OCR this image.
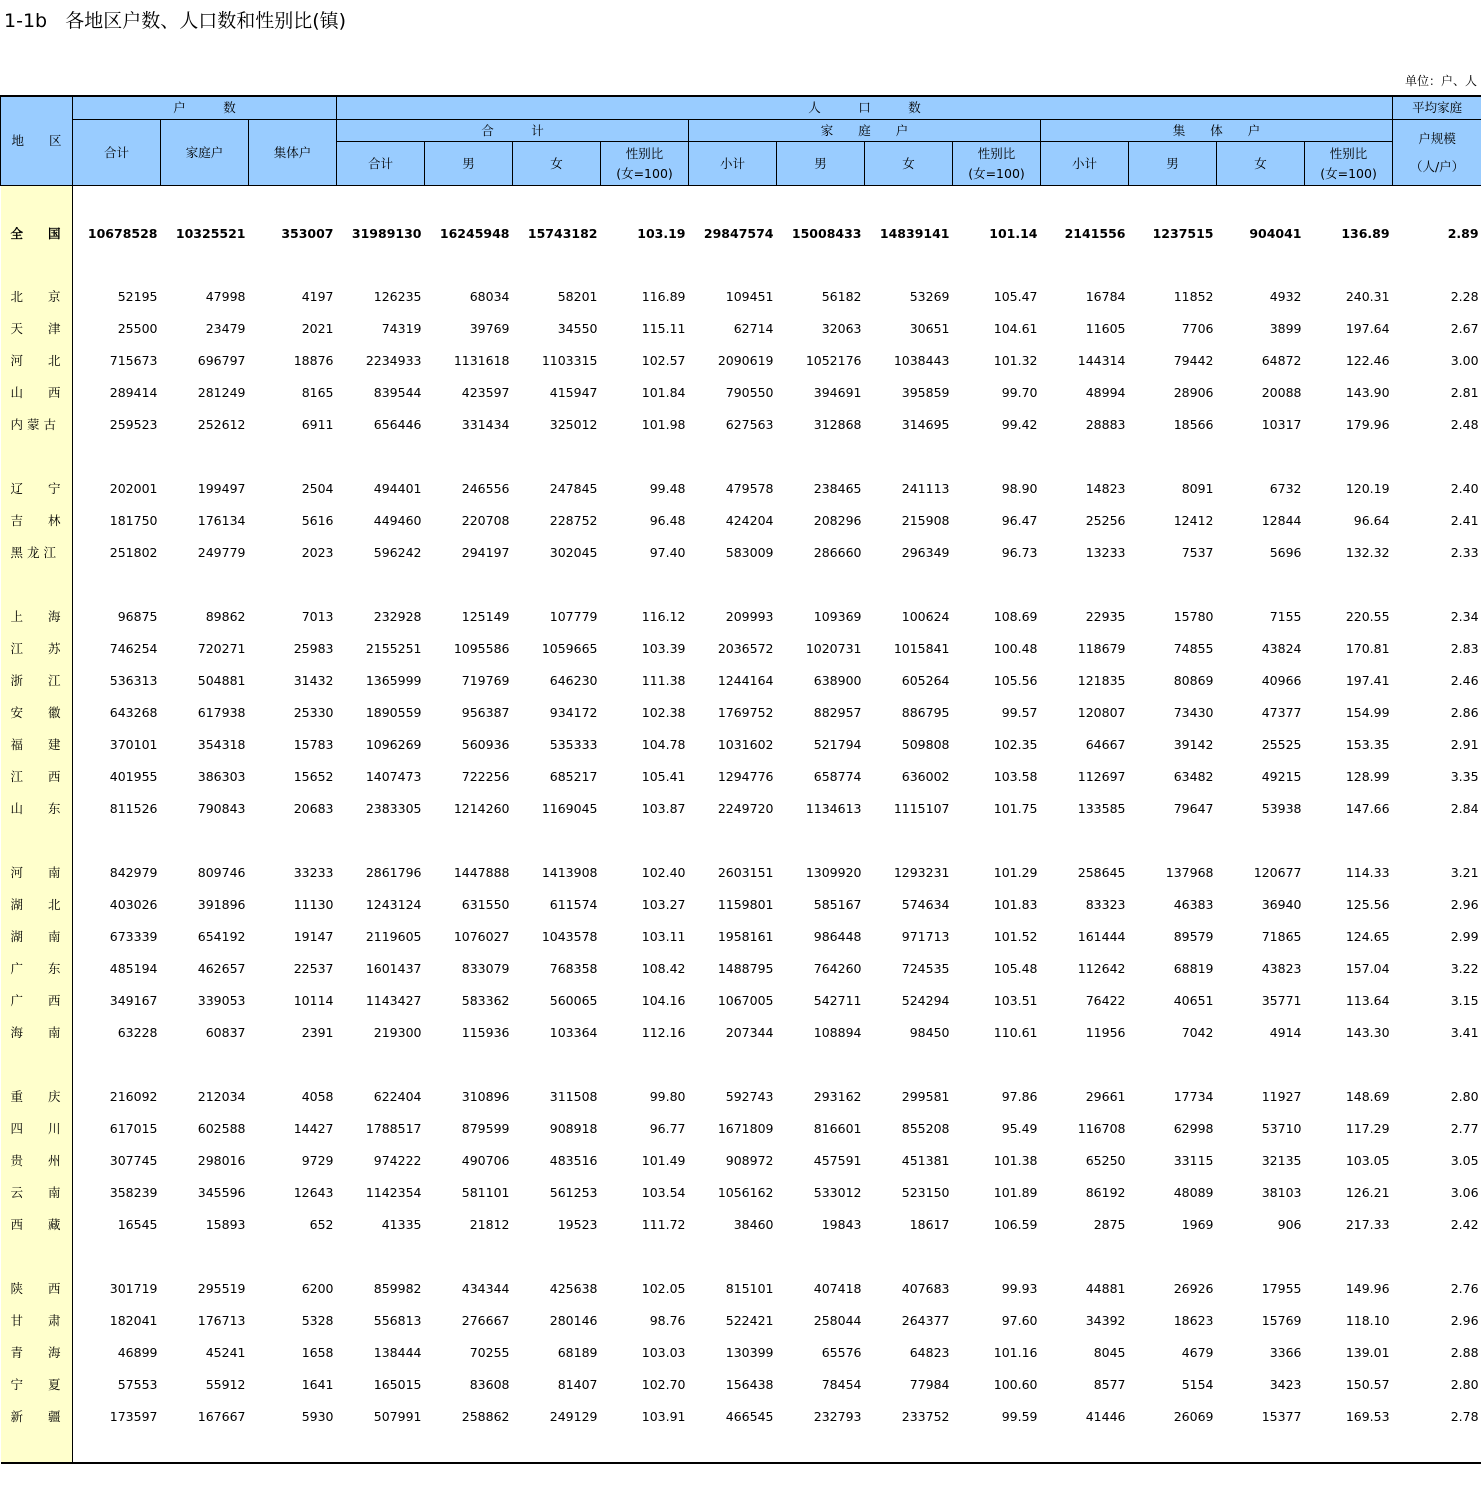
1-1b   各地区户数、人口数和性别比(镇)
单位：户、人
地　　区	户　　　数			人　　　口　　　数												平均家庭
	合计	家庭户	集体户	合　　　计				家　　庭　　户				集　　体　　户				户规模
（人/户）

				合计	男	女	性别比
(女=100)	小计	男	女	性别比
(女=100)	小计	男	女	性别比
(女=100)	

全　　国	10678528	10325521	353007	31989130	16245948	15743182	103.19	29847574	15008433	14839141	101.14	2141556	1237515	904041	136.89	2.89
北　　京	52195	47998	4197	126235	68034	58201	116.89	109451	56182	53269	105.47	16784	11852	4932	240.31	2.28
天　　津	25500	23479	2021	74319	39769	34550	115.11	62714	32063	30651	104.61	11605	7706	3899	197.64	2.67
河　　北	715673	696797	18876	2234933	1131618	1103315	102.57	2090619	1052176	1038443	101.32	144314	79442	64872	122.46	3.00
山　　西	289414	281249	8165	839544	423597	415947	101.84	790550	394691	395859	99.70	48994	28906	20088	143.90	2.81
内 蒙 古	259523	252612	6911	656446	331434	325012	101.98	627563	312868	314695	99.42	28883	18566	10317	179.96	2.48

辽　　宁	202001	199497	2504	494401	246556	247845	99.48	479578	238465	241113	98.90	14823	8091	6732	120.19	2.40
吉　　林	181750	176134	5616	449460	220708	228752	96.48	424204	208296	215908	96.47	25256	12412	12844	96.64	2.41
黑 龙 江	251802	249779	2023	596242	294197	302045	97.40	583009	286660	296349	96.73	13233	7537	5696	132.32	2.33

上　　海	96875	89862	7013	232928	125149	107779	116.12	209993	109369	100624	108.69	22935	15780	7155	220.55	2.34
江　　苏	746254	720271	25983	2155251	1095586	1059665	103.39	2036572	1020731	1015841	100.48	118679	74855	43824	170.81	2.83
浙　　江	536313	504881	31432	1365999	719769	646230	111.38	1244164	638900	605264	105.56	121835	80869	40966	197.41	2.46
安　　徽	643268	617938	25330	1890559	956387	934172	102.38	1769752	882957	886795	99.57	120807	73430	47377	154.99	2.86
福　　建	370101	354318	15783	1096269	560936	535333	104.78	1031602	521794	509808	102.35	64667	39142	25525	153.35	2.91
江　　西	401955	386303	15652	1407473	722256	685217	105.41	1294776	658774	636002	103.58	112697	63482	49215	128.99	3.35
山　　东	811526	790843	20683	2383305	1214260	1169045	103.87	2249720	1134613	1115107	101.75	133585	79647	53938	147.66	2.84

河　　南	842979	809746	33233	2861796	1447888	1413908	102.40	2603151	1309920	1293231	101.29	258645	137968	120677	114.33	3.21
湖　　北	403026	391896	11130	1243124	631550	611574	103.27	1159801	585167	574634	101.83	83323	46383	36940	125.56	2.96
湖　　南	673339	654192	19147	2119605	1076027	1043578	103.11	1958161	986448	971713	101.52	161444	89579	71865	124.65	2.99
广　　东	485194	462657	22537	1601437	833079	768358	108.42	1488795	764260	724535	105.48	112642	68819	43823	157.04	3.22
广　　西	349167	339053	10114	1143427	583362	560065	104.16	1067005	542711	524294	103.51	76422	40651	35771	113.64	3.15
海　　南	63228	60837	2391	219300	115936	103364	112.16	207344	108894	98450	110.61	11956	7042	4914	143.30	3.41

重　　庆	216092	212034	4058	622404	310896	311508	99.80	592743	293162	299581	97.86	29661	17734	11927	148.69	2.80
四　　川	617015	602588	14427	1788517	879599	908918	96.77	1671809	816601	855208	95.49	116708	62998	53710	117.29	2.77
贵　　州	307745	298016	9729	974222	490706	483516	101.49	908972	457591	451381	101.38	65250	33115	32135	103.05	3.05
云　　南	358239	345596	12643	1142354	581101	561253	103.54	1056162	533012	523150	101.89	86192	48089	38103	126.21	3.06
西　　藏	16545	15893	652	41335	21812	19523	111.72	38460	19843	18617	106.59	2875	1969	906	217.33	2.42

陕　　西	301719	295519	6200	859982	434344	425638	102.05	815101	407418	407683	99.93	44881	26926	17955	149.96	2.76
甘　　肃	182041	176713	5328	556813	276667	280146	98.76	522421	258044	264377	97.60	34392	18623	15769	118.10	2.96
青　　海	46899	45241	1658	138444	70255	68189	103.03	130399	65576	64823	101.16	8045	4679	3366	139.01	2.88
宁　　夏	57553	55912	1641	165015	83608	81407	102.70	156438	78454	77984	100.60	8577	5154	3423	150.57	2.80
新　　疆	173597	167667	5930	507991	258862	249129	103.91	466545	232793	233752	99.59	41446	26069	15377	169.53	2.78
